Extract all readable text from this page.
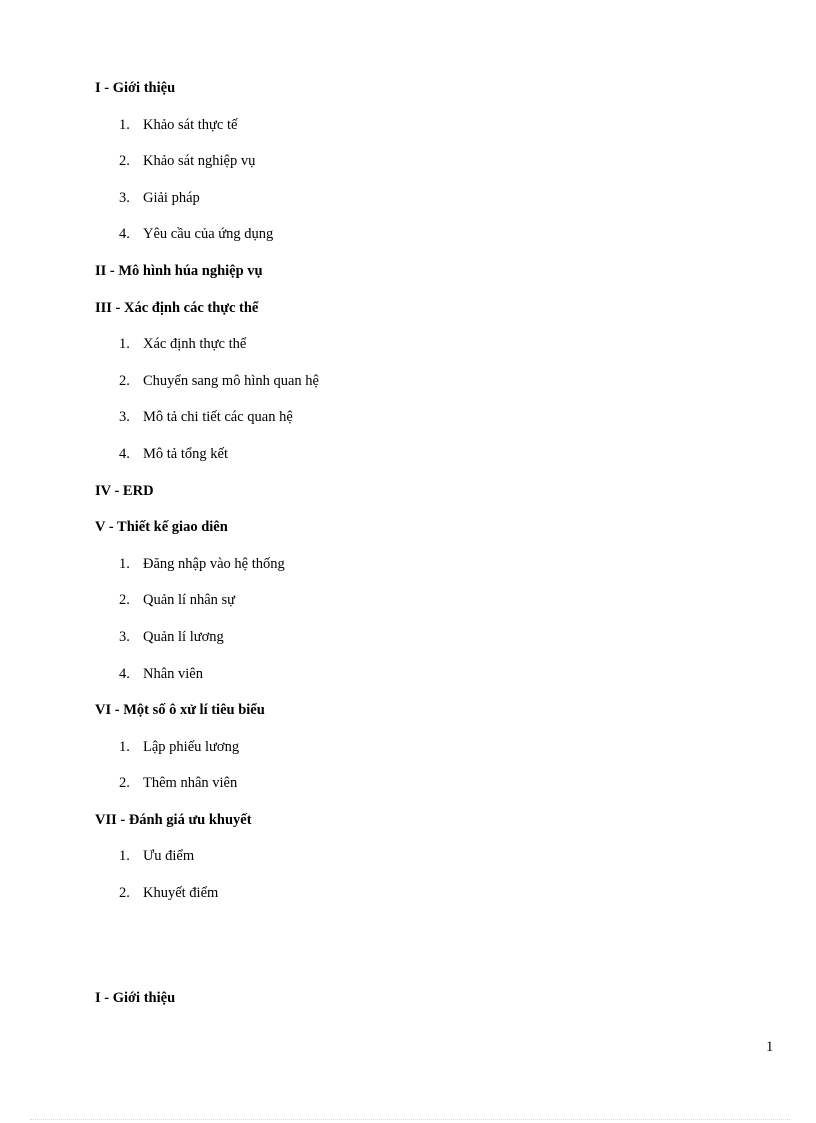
I - Giới thiệu
1. Khảo sát thực tế
2. Khảo sát nghiệp vụ
3. Giải pháp
4. Yêu cầu của ứng dụng
II - Mô hình húa nghiệp vụ
III - Xác định các thực thể
1. Xác định thực thể
2. Chuyển sang mô hình quan hệ
3. Mô tả chi tiết các quan hệ
4. Mô tả tổng kết
IV - ERD
V - Thiết kế giao diên
1. Đăng nhập vào hệ thống
2. Quản lí nhân sự
3. Quản lí lương
4. Nhân viên
VI - Một số ô xử lí tiêu biểu
1. Lập phiếu lương
2. Thêm nhân viên
VII - Đánh giá ưu khuyết
1. Ưu điểm
2. Khuyết điểm
I - Giới thiệu
1
